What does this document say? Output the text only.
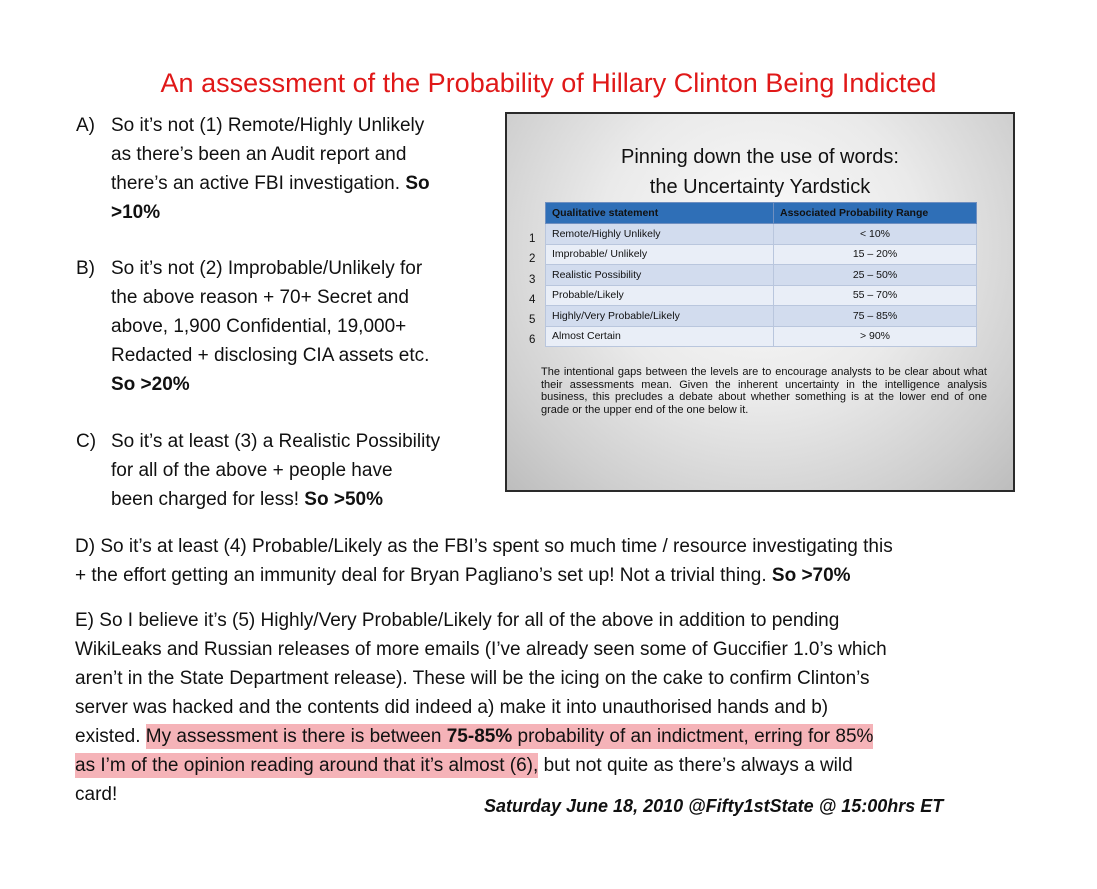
An assessment of the Probability of Hillary Clinton Being Indicted
A) So it’s not (1) Remote/Highly Unlikely
as there’s been an Audit report and
there’s an active FBI investigation. So
>10%
B) So it’s not (2) Improbable/Unlikely for
the above reason + 70+ Secret and
above, 1,900 Confidential, 19,000+
Redacted + disclosing CIA assets etc.
So >20%
C) So it’s at least (3) a Realistic Possibility
for all of the above + people have
been charged for less! So >50%
D) So it’s at least (4) Probable/Likely as the FBI’s spent so much time / resource investigating this
+ the effort getting an immunity deal for Bryan Pagliano’s set up! Not a trivial thing. So >70%
E) So I believe it’s (5) Highly/Very Probable/Likely for all of the above in addition to pending
WikiLeaks and Russian releases of more emails (I’ve already seen some of Guccifier 1.0’s which
aren’t in the State Department release). These will be the icing on the cake to confirm Clinton’s
server was hacked and the contents did indeed a) make it into unauthorised hands and b)
existed. My assessment is there is between 75-85% probability of an indictment, erring for 85%
as I’m of the opinion reading around that it’s almost (6), but not quite as there’s always a wild
card!
Saturday June 18, 2010 @Fifty1stState @ 15:00hrs ET
Pinning down the use of words:
the Uncertainty Yardstick
1
2
3
4
5
6
Qualitative statement	Associated Probability Range
Remote/Highly Unlikely	< 10%
Improbable/ Unlikely	15 – 20%
Realistic Possibility	25 – 50%
Probable/Likely	55 – 70%
Highly/Very Probable/Likely	75 – 85%
Almost Certain	> 90%
The intentional gaps between the levels are to encourage analysts to be clear about what their assessments mean. Given the inherent uncertainty in the intelligence analysis business, this precludes a debate about whether something is at the lower end of one grade or the upper end of the one below it.
